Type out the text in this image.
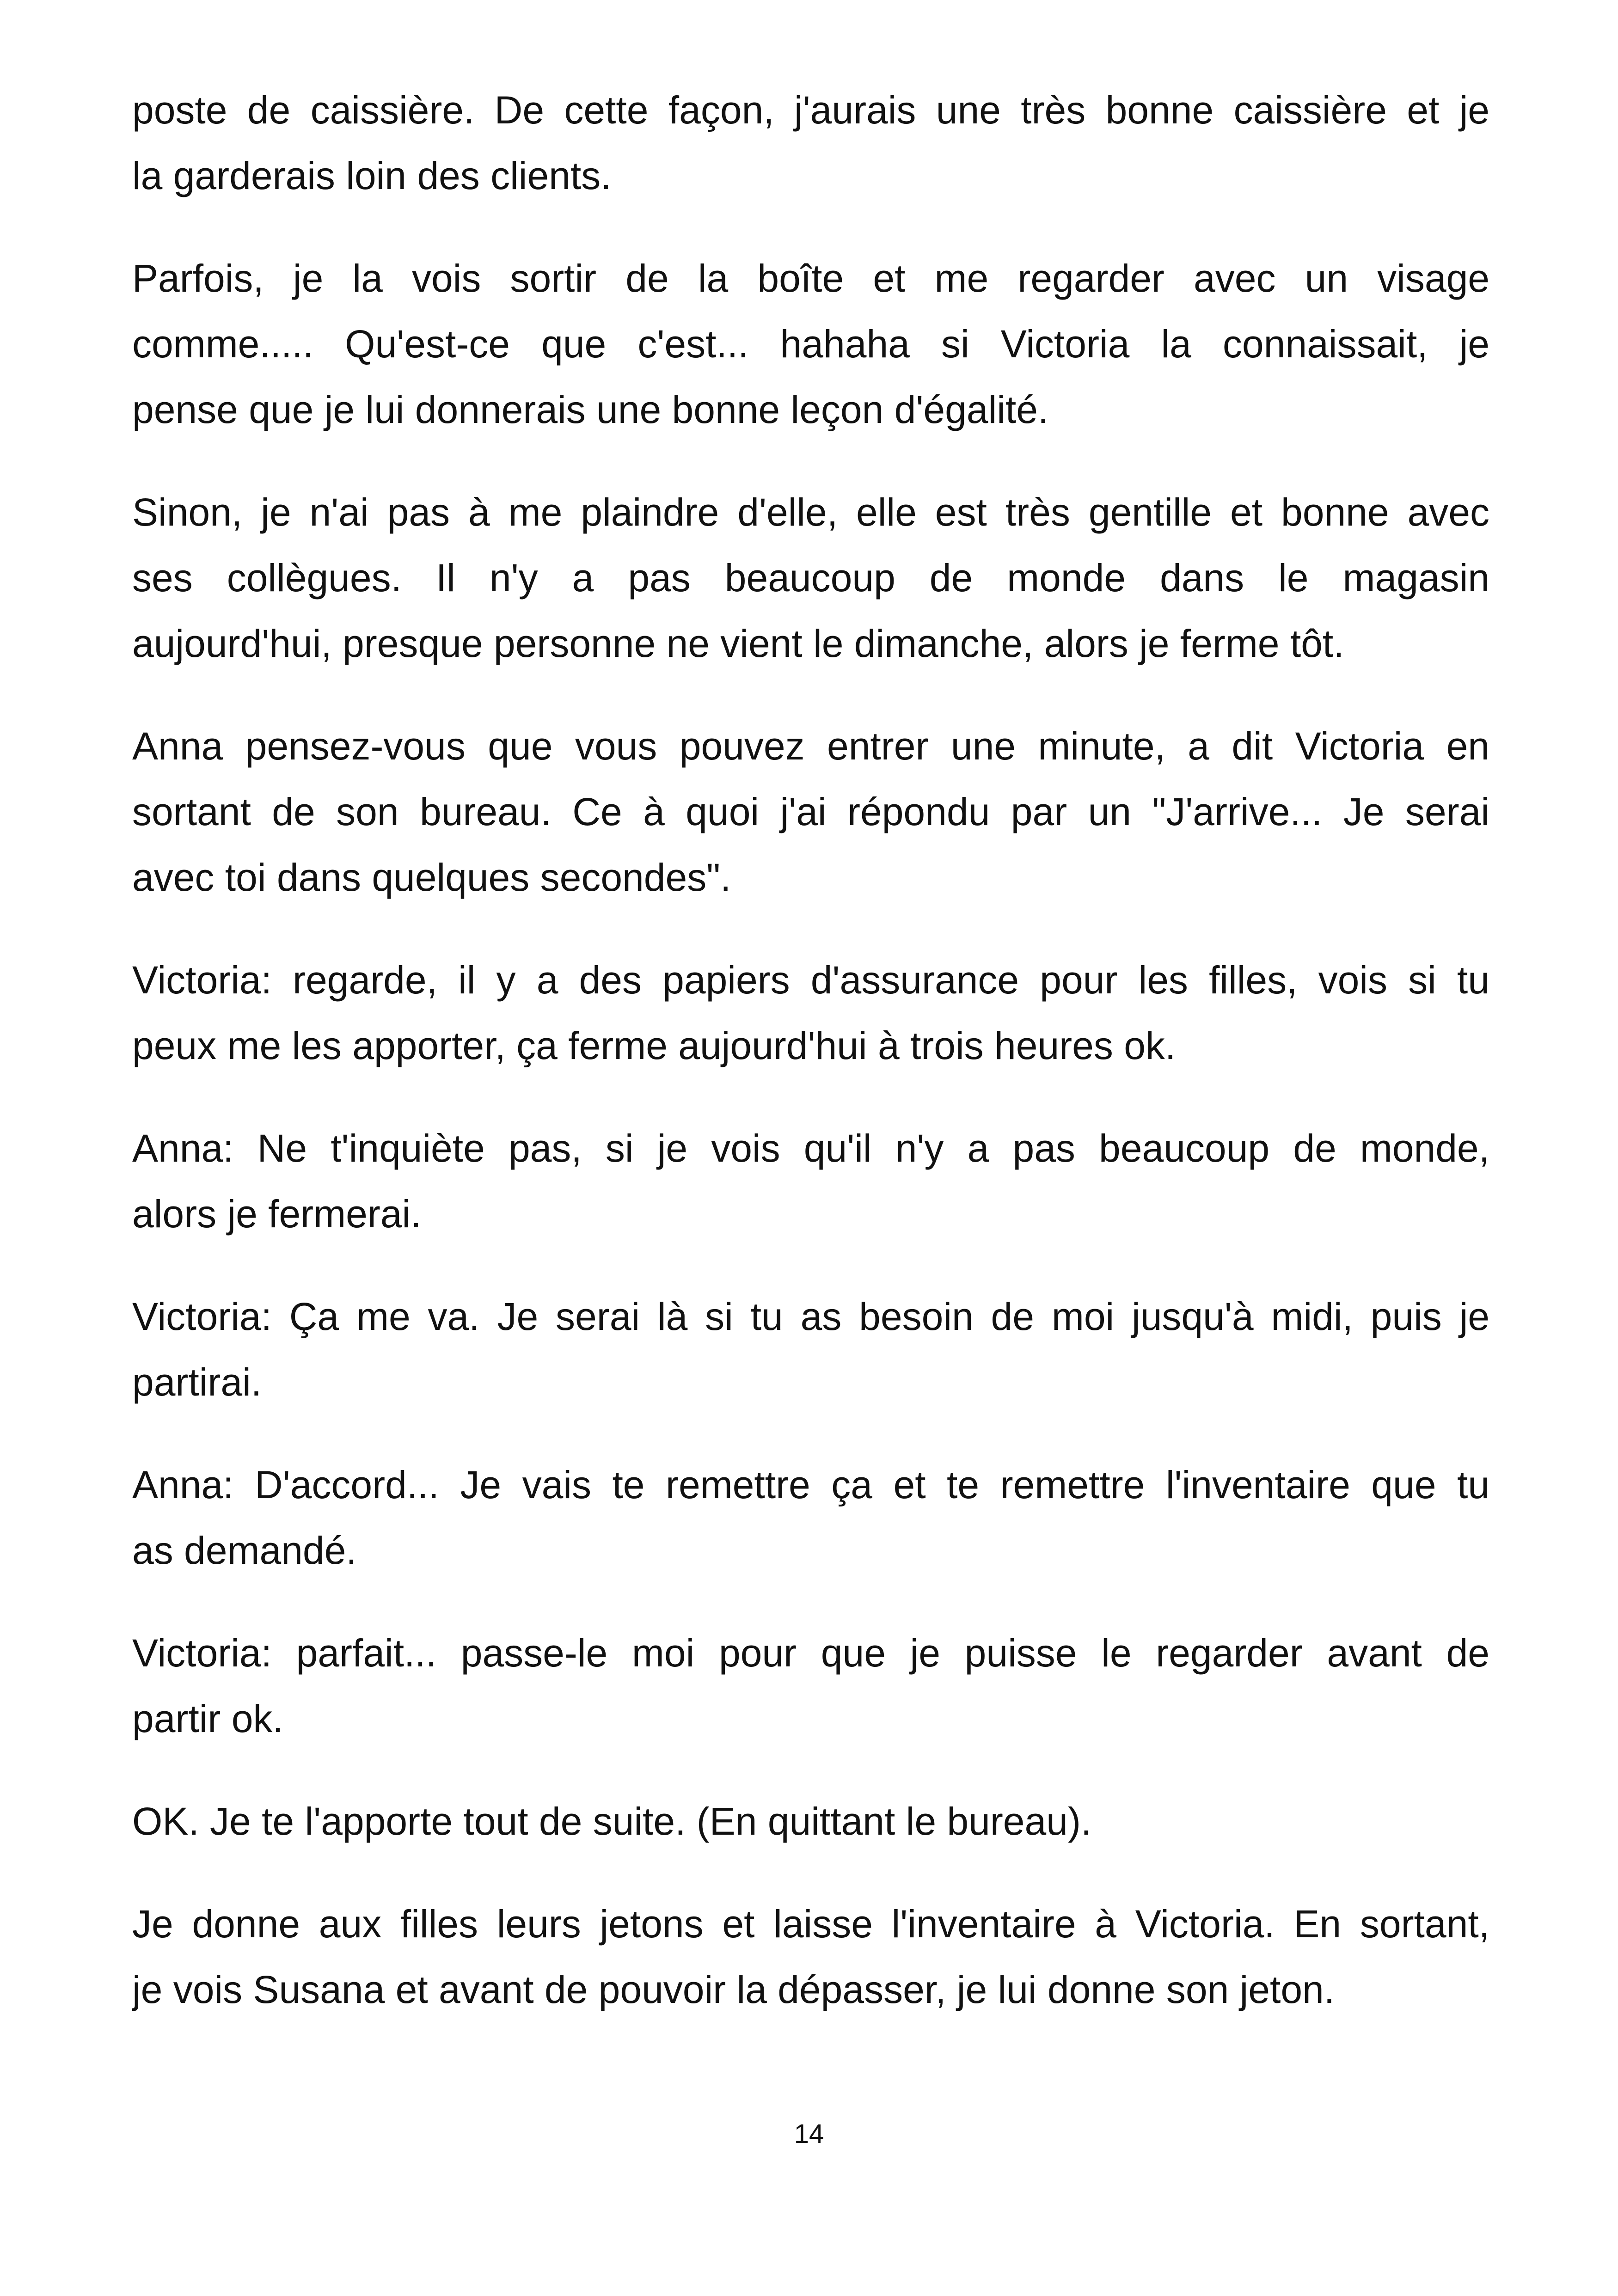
poste de caissière. De cette façon, j'aurais une très bonne caissière et je
la garderais loin des clients.
Parfois, je la vois sortir de la boîte et me regarder avec un visage
comme..... Qu'est-ce que c'est... hahaha si Victoria la connaissait, je
pense que je lui donnerais une bonne leçon d'égalité.
Sinon, je n'ai pas à me plaindre d'elle, elle est très gentille et bonne avec
ses collègues. Il n'y a pas beaucoup de monde dans le magasin
aujourd'hui, presque personne ne vient le dimanche, alors je ferme tôt.
Anna pensez-vous que vous pouvez entrer une minute, a dit Victoria en
sortant de son bureau. Ce à quoi j'ai répondu par un "J'arrive... Je serai
avec toi dans quelques secondes".
Victoria: regarde, il y a des papiers d'assurance pour les filles, vois si tu
peux me les apporter, ça ferme aujourd'hui à trois heures ok.
Anna: Ne t'inquiète pas, si je vois qu'il n'y a pas beaucoup de monde,
alors je fermerai.
Victoria: Ça me va. Je serai là si tu as besoin de moi jusqu'à midi, puis je
partirai.
Anna: D'accord... Je vais te remettre ça et te remettre l'inventaire que tu
as demandé.
Victoria: parfait... passe-le moi pour que je puisse le regarder avant de
partir ok.
OK. Je te l'apporte tout de suite. (En quittant le bureau).
Je donne aux filles leurs jetons et laisse l'inventaire à Victoria. En sortant,
je vois Susana et avant de pouvoir la dépasser, je lui donne son jeton.
14
